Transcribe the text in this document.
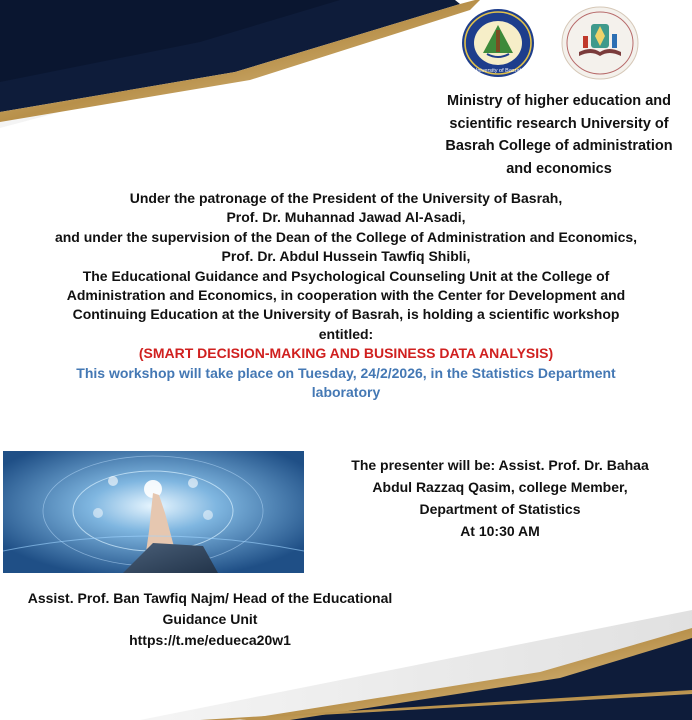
University of Basrah
Ministry of higher education and
scientific research University of
Basrah College of administration
and economics
Under the patronage of the President of the University of Basrah,
Prof. Dr. Muhannad Jawad Al-Asadi,
and under the supervision of the Dean of the College of Administration and Economics,
Prof. Dr. Abdul Hussein Tawfiq Shibli,
The Educational Guidance and Psychological Counseling Unit at the College of
Administration and Economics, in cooperation with the Center for Development and
Continuing Education at the University of Basrah, is holding a scientific workshop
entitled:
(SMART DECISION-MAKING AND BUSINESS DATA ANALYSIS)
This workshop will take place on Tuesday, 24/2/2026, in the Statistics Department
laboratory
The presenter will be: Assist. Prof. Dr. Bahaa
Abdul Razzaq Qasim, college Member,
Department of Statistics
At 10:30 AM
Assist. Prof. Ban Tawfiq Najm/ Head of the Educational
Guidance Unit
https://t.me/edueca20w1
